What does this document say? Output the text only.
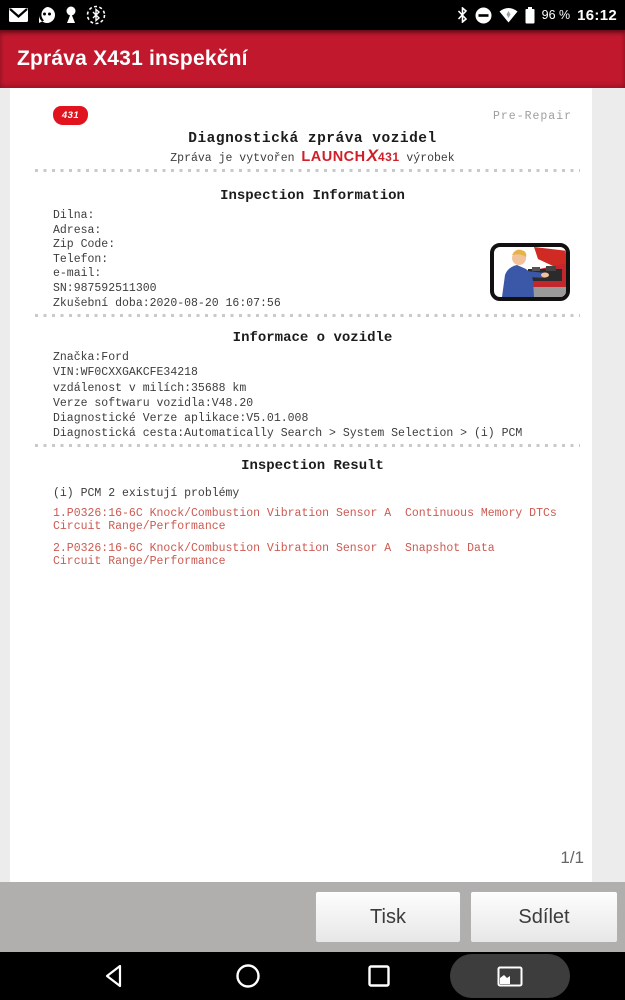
96 % 16:12
Zpráva X431 inspekční
431	Pre-Repair
Diagnostická zpráva vozidel
Zpráva je vytvořen LAUNCHX431 výrobek
Inspection Information
Dilna:
Adresa:
Zip Code:
Telefon:
e-mail:
SN:987592511300
Zkušební doba:2020-08-20 16:07:56
Informace o vozidle
Značka:Ford
VIN:WF0CXXGAKCFE34218
vzdálenost v milích:35688 km
Verze softwaru vozidla:V48.20
Diagnostické Verze aplikace:V5.01.008
Diagnostická cesta:Automatically Search > System Selection > (i) PCM
Inspection Result
(i) PCM 2 existují problémy
1.P0326:16-6C Knock/Combustion Vibration Sensor A  Continuous Memory DTCs
Circuit Range/Performance
2.P0326:16-6C Knock/Combustion Vibration Sensor A  Snapshot Data
Circuit Range/Performance
1/1
Tisk	Sdílet
